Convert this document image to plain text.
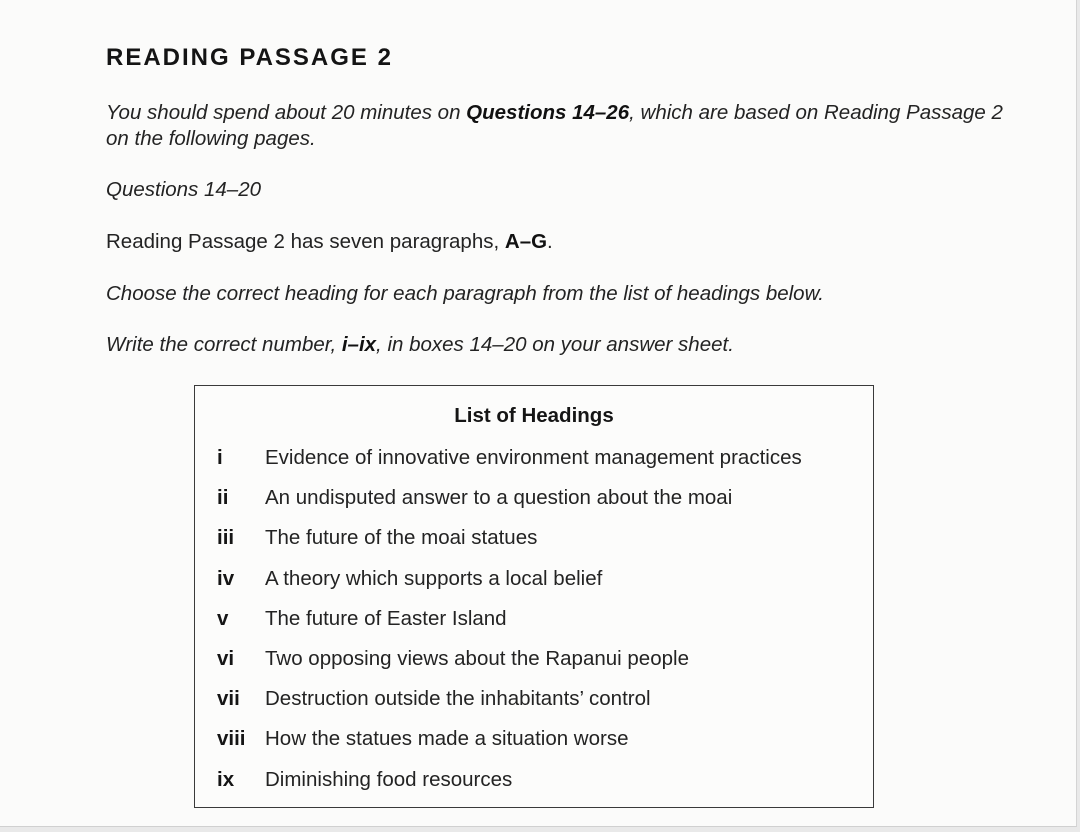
READING PASSAGE 2

You should spend about 20 minutes on Questions 14–26, which are based on Reading Passage 2 on the following pages.

Questions 14–20

Reading Passage 2 has seven paragraphs, A–G.

Choose the correct heading for each paragraph from the list of headings below.

Write the correct number, i–ix, in boxes 14–20 on your answer sheet.

List of Headings

i Evidence of innovative environment management practices
ii An undisputed answer to a question about the moai
iii The future of the moai statues
iv A theory which supports a local belief
v The future of Easter Island
vi Two opposing views about the Rapanui people
vii Destruction outside the inhabitants’ control
viii How the statues made a situation worse
ix Diminishing food resources
